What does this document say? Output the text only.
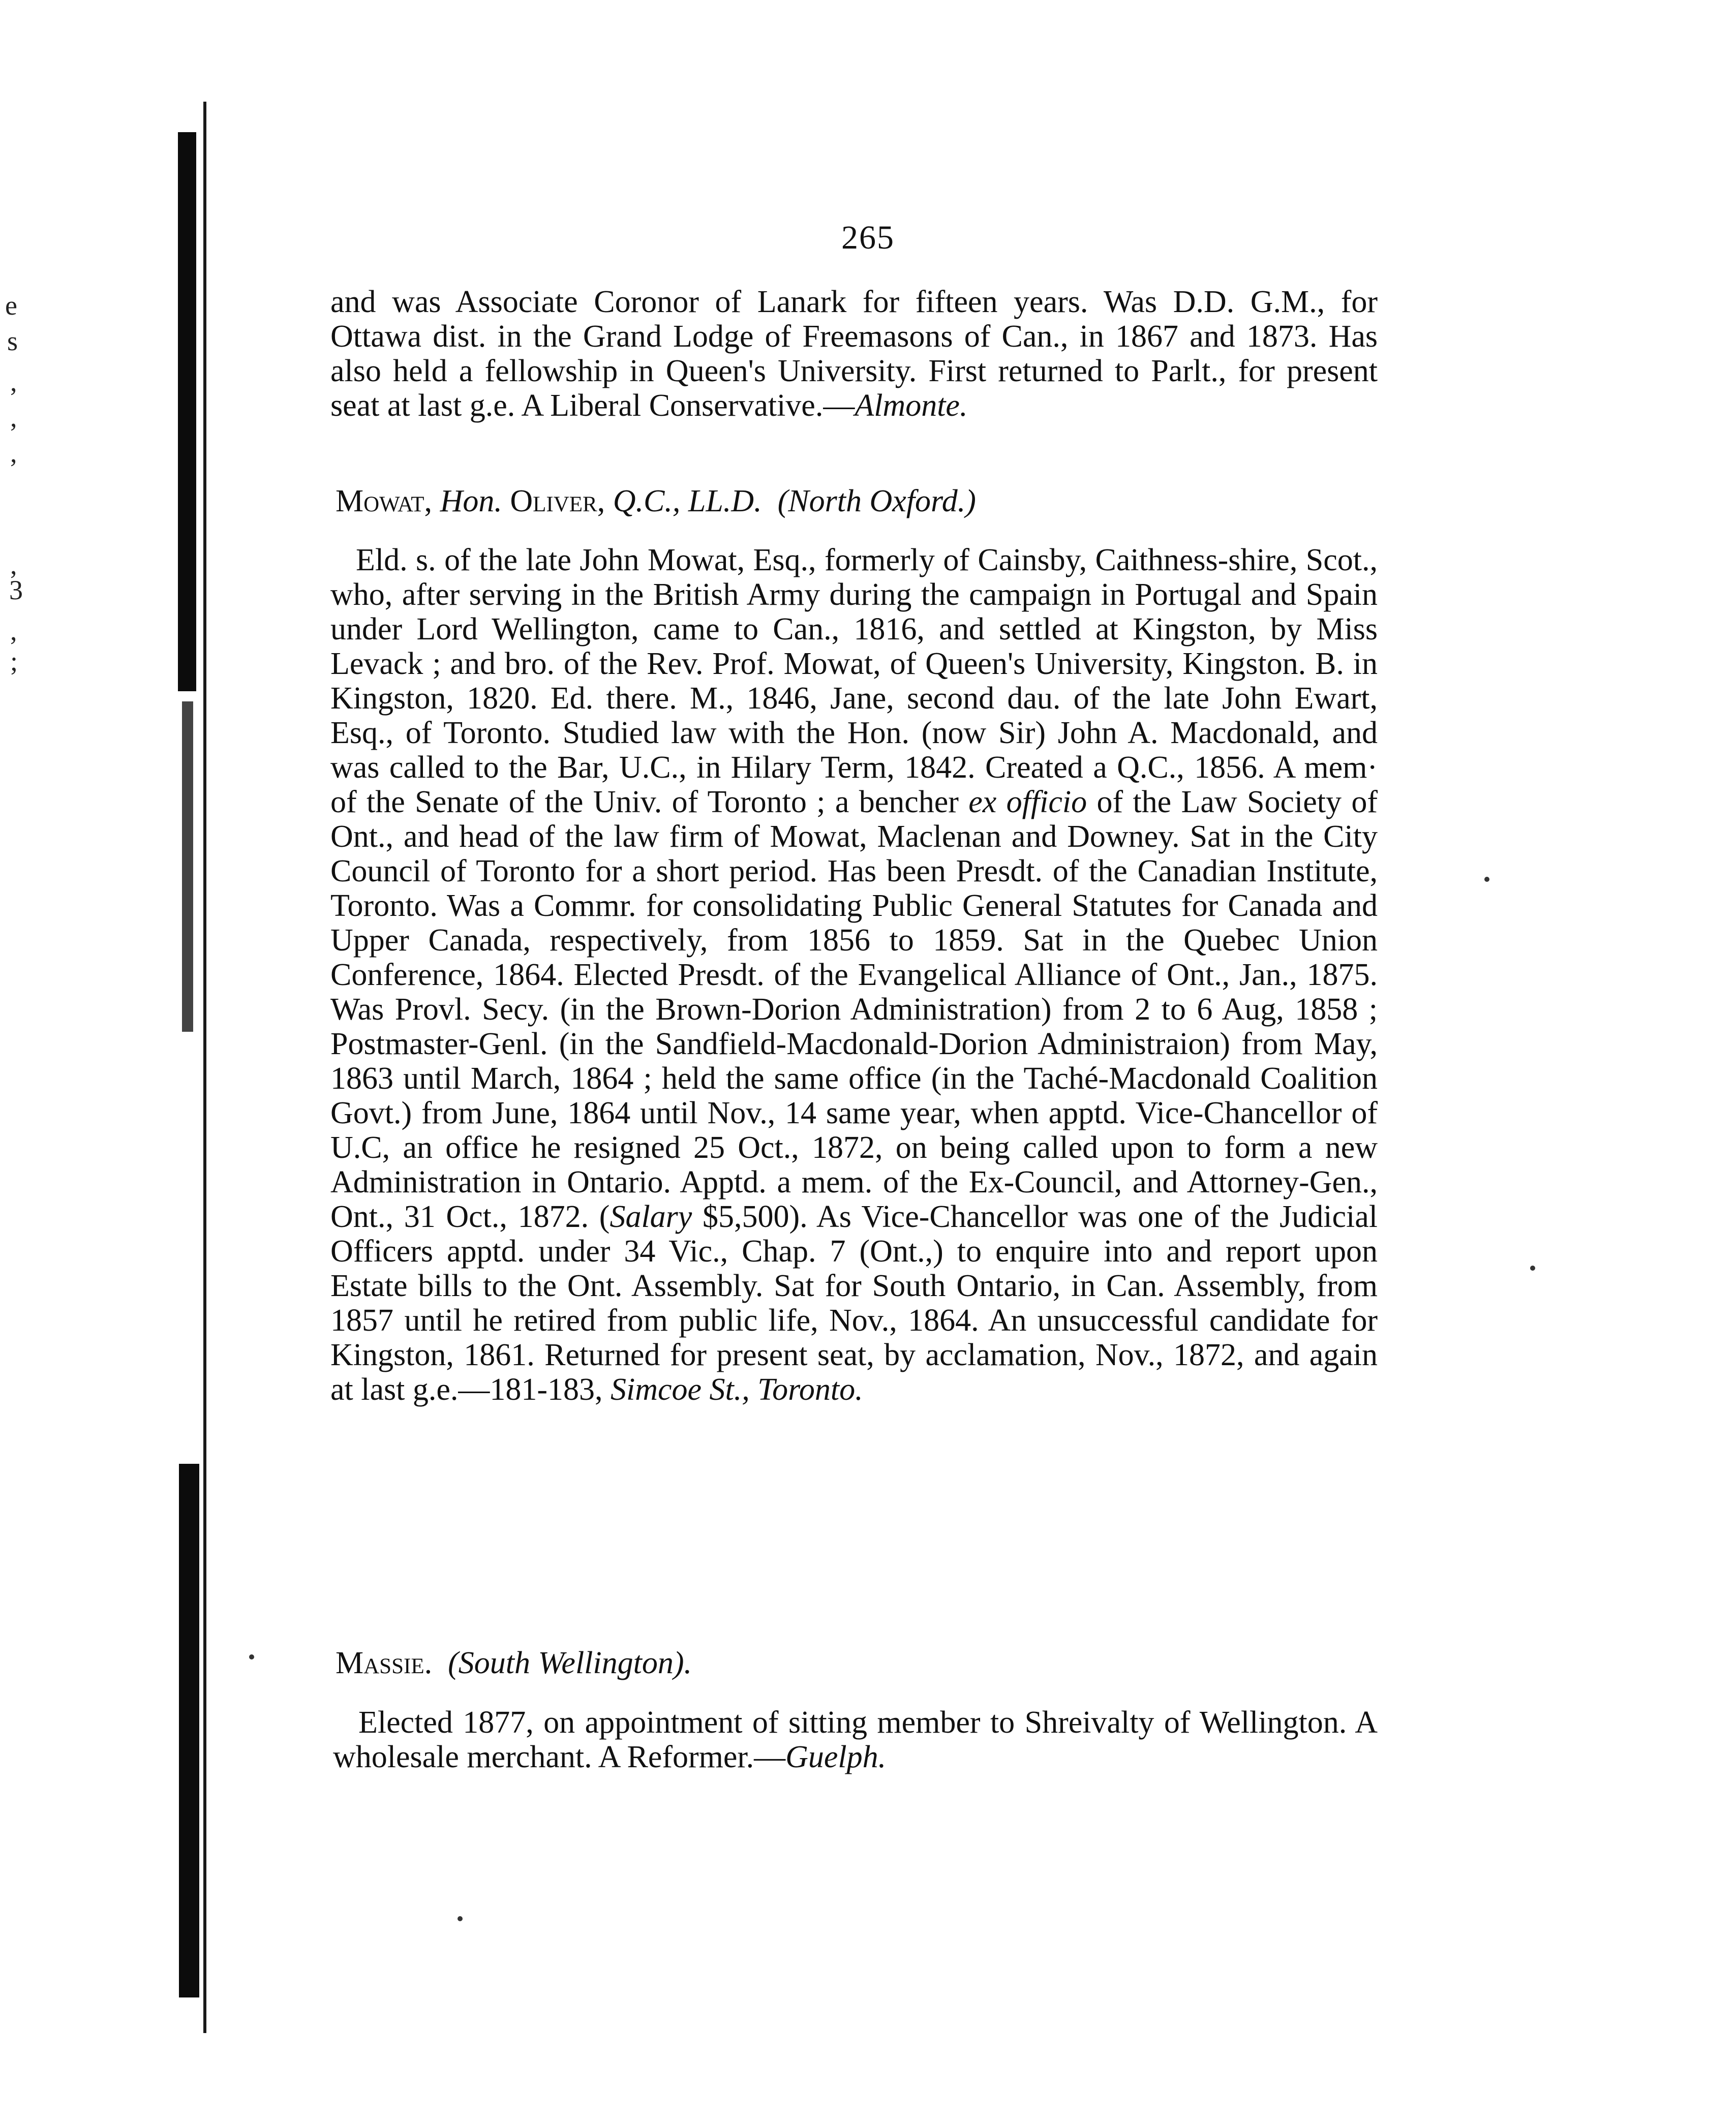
e
s
,
,
,
,
3
,
;
265

and was Associate Coronor of Lanark for fifteen years. Was D.D. G.M., for Ottawa dist. in the Grand Lodge of Freemasons of Can., in 1867 and 1873. Has also held a fellowship in Queen's University. First returned to Parlt., for present seat at last g.e. A Liberal Conservative.—Almonte.

Mowat, Hon. Oliver, Q.C., LL.D. (North Oxford.)

Eld. s. of the late John Mowat, Esq., formerly of Cainsby, Caithness-shire, Scot., who, after serving in the British Army during the campaign in Portugal and Spain under Lord Wellington, came to Can., 1816, and settled at Kingston, by Miss Levack ; and bro. of the Rev. Prof. Mowat, of Queen's University, Kingston. B. in Kingston, 1820. Ed. there. M., 1846, Jane, second dau. of the late John Ewart, Esq., of Toronto. Studied law with the Hon. (now Sir) John A. Macdonald, and was called to the Bar, U.C., in Hilary Term, 1842. Created a Q.C., 1856. A mem· of the Senate of the Univ. of Toronto ; a bencher ex officio of the Law Society of Ont., and head of the law firm of Mowat, Maclenan and Downey. Sat in the City Council of Toronto for a short period. Has been Presdt. of the Canadian Institute, Toronto. Was a Commr. for consolidating Public General Statutes for Canada and Upper Canada, respectively, from 1856 to 1859. Sat in the Quebec Union Conference, 1864. Elected Presdt. of the Evangelical Alliance of Ont., Jan., 1875. Was Provl. Secy. (in the Brown-Dorion Administration) from 2 to 6 Aug, 1858 ; Postmaster-Genl. (in the Sandfield-Macdonald-Dorion Administraion) from May, 1863 until March, 1864 ; held the same office (in the Taché-Macdonald Coalition Govt.) from June, 1864 until Nov., 14 same year, when apptd. Vice-Chancellor of U.C, an office he resigned 25 Oct., 1872, on being called upon to form a new Administration in Ontario. Apptd. a mem. of the Ex-Council, and Attorney-Gen., Ont., 31 Oct., 1872. (Salary $5,500). As Vice-Chancellor was one of the Judicial Officers apptd. under 34 Vic., Chap. 7 (Ont.,) to enquire into and report upon Estate bills to the Ont. Assembly. Sat for South Ontario, in Can. Assembly, from 1857 until he retired from public life, Nov., 1864. An unsuccessful candidate for Kingston, 1861. Returned for present seat, by acclamation, Nov., 1872, and again at last g.e.—181-183, Simcoe St., Toronto.

Massie. (South Wellington).

Elected 1877, on appointment of sitting member to Shreivalty of Wellington. A wholesale merchant. A Reformer.—Guelph.
